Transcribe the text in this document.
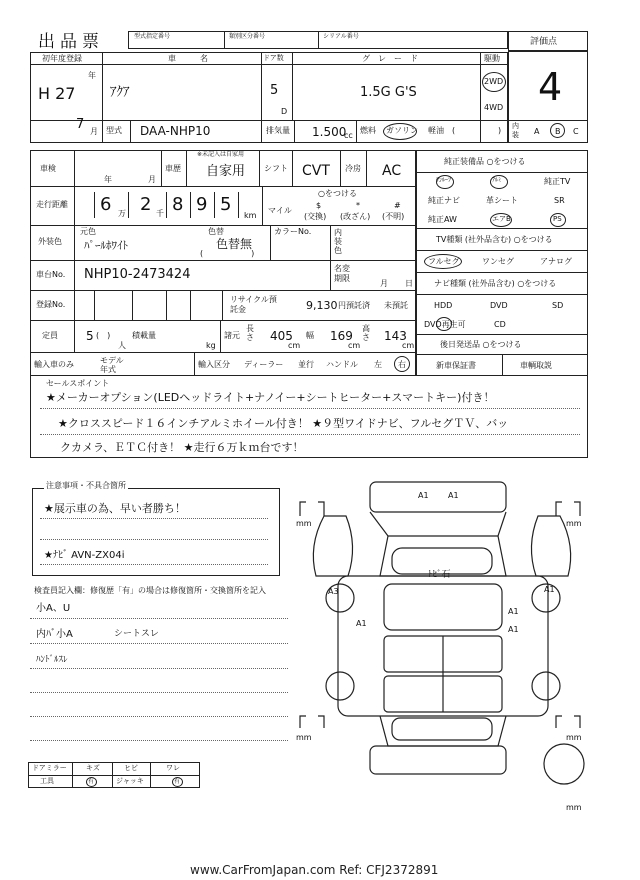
出品票	型式指定番号	類別区分番号	シリアル番号
評価点
4
初年度登録
年
H 27
7 月
車名
ｱｸｱ
ドア数
5
D
グレード
1.5G G'S
駆動
2WD
4WD
型式 DAA-NHP10	排気量 1.500
cc
燃料 ガソリン 軽油 (	) 内装 A B C
車検
年	月
車歴
※未記入は自家用
自家用 シフト CVT 冷房 AC
走行距離 6 万 2 千 8 9 5
km
マイル
○をつける
$
(交換)
*
(改ざん)
#
(不明)
外装色
元色
ﾊﾟｰﾙﾎﾜｲﾄ
色替
色替無
(　　　　　　)
カラーNo.	内装色
車台No. NHP10-2473424	名変期限
月 日
登録No.
リサイクル預託金	9,130 円預託済 未預託
定員 5 (　)
人
積載量
kg
諸元
長さ 405
cm
幅 169
cm
高さ 143
cm
輸入車のみ	モデル年式
輸入区分 ディーラー 並行 ハンドル 左 右
純正装備品 ○をつける
ｻﾝﾙｰﾌ	ｱﾙﾐ	純正TV
純正ナビ	革シート	SR
純正AW	エアB	PS
TV種類 (社外品含む) ○をつける
フルセグ	ワンセグ	アナログ
ナビ種類 (社外品含む) ○をつける
HDD	DVD	SD
DVD再生可	CD
後日発送品 ○をつける
新車保証書	車輌取説
セールスポイント
★メーカーオプション(LEDヘッドライト+ナノイー+シートヒーター+スマートキー)付き！
★クロススピード１６インチアルミホイール付き！ ★９型ワイドナビ、フルセグＴＶ、バッ
クカメラ、ＥＴＣ付き！ ★走行６万ｋｍ台です！
注意事項・不具合箇所
★展示車の為、早い者勝ち！
★ﾅﾋﾞ AVN-ZX04i
検査員記入欄：修復歴「有」の場合は修復箇所・交換箇所を記入
小A、U
内ﾊﾞ小A	シートスレ
ﾊﾝﾄﾞﾙｽﾚ
ドアミラー	キズ	ヒビ	ワレ
工具	有	ジャッキ	有
A1 A1
ﾄﾋﾞ石
A3	A1
A1
A1
A1
mm	mm
mm	mm
mm
www.CarFromJapan.com Ref: CFJ2372891
